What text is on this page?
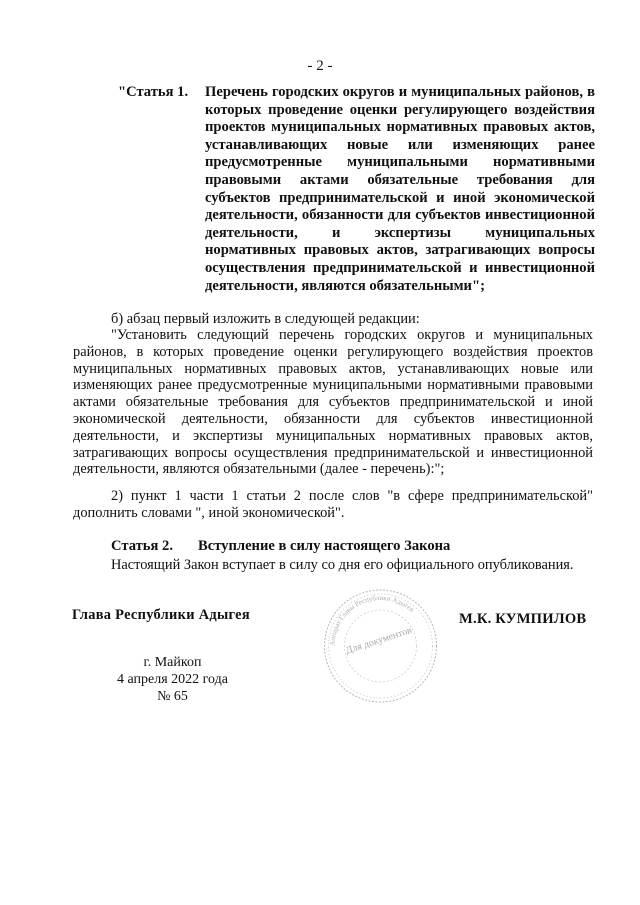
- 2 -
"Статья 1. Перечень городских округов и муниципальных районов, в которых проведение оценки регулирующего воздействия проектов муниципальных нормативных правовых актов, устанавливающих новые или изменяющих ранее предусмотренные муниципальными нормативными правовыми актами обязательные требования для субъектов предпринимательской и иной экономической деятельности, обязанности для субъектов инвестиционной деятельности, и экспертизы муниципальных нормативных правовых актов, затрагивающих вопросы осуществления предпринимательской и инвестиционной деятельности, являются обязательными";
б) абзац первый изложить в следующей редакции:
"Установить следующий перечень городских округов и муниципальных районов, в которых проведение оценки регулирующего воздействия проектов муниципальных нормативных правовых актов, устанавливающих новые или изменяющих ранее предусмотренные муниципальными нормативными правовыми актами обязательные требования для субъектов предпринимательской и иной экономической деятельности, обязанности для субъектов инвестиционной деятельности, и экспертизы муниципальных нормативных правовых актов, затрагивающих вопросы осуществления предпринимательской и инвестиционной деятельности, являются обязательными (далее - перечень):";
2) пункт 1 части 1 статьи 2 после слов "в сфере предпринимательской" дополнить словами ", иной экономической".
Статья 2. Вступление в силу настоящего Закона
Настоящий Закон вступает в силу со дня его официального опубликования.
Глава Республики Адыгея	М.К. КУМПИЛОВ
г. Майкоп
4 апреля 2022 года
№ 65
Аппарат Главы Республики Адыгея
Для документов
